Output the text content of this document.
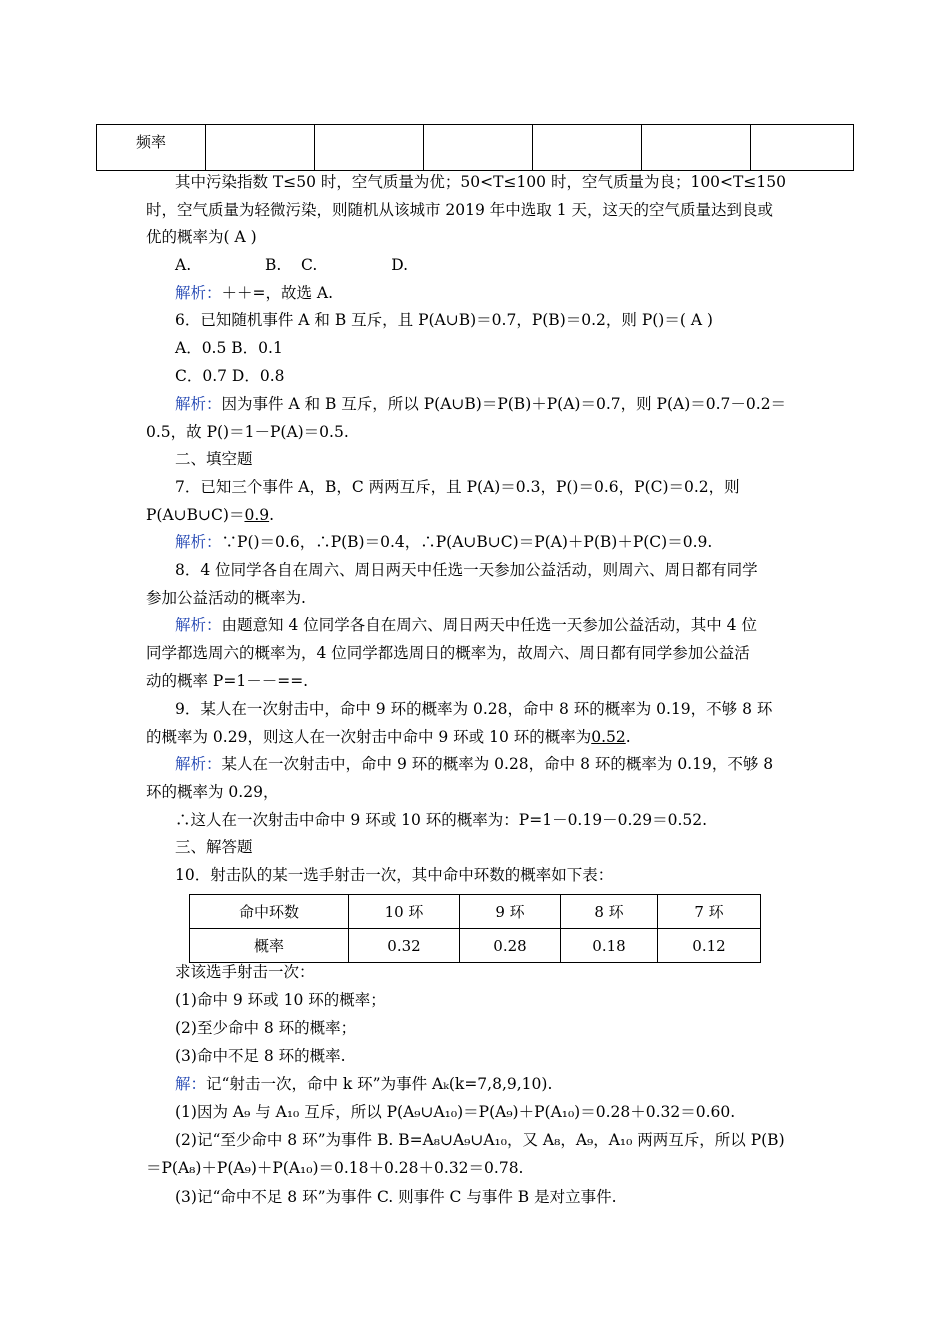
频率						
其中污染指数 T≤50 时，空气质量为优；50<T≤100 时，空气质量为良；100<T≤150
时，空气质量为轻微污染，则随机从该城市 2019 年中选取 1 天，这天的空气质量达到良或
优的概率为( A )
A.               B.    C.               D.
解析：＋＋=，故选 A.
6．已知随机事件 A 和 B 互斥，且 P(A∪B)＝0.7，P(B)＝0.2，则 P()＝( A )
A．0.5 B．0.1
C．0.7 D．0.8
解析：因为事件 A 和 B 互斥，所以 P(A∪B)＝P(B)＋P(A)＝0.7，则 P(A)＝0.7－0.2＝
0.5，故 P()＝1－P(A)＝0.5.
二、填空题
7．已知三个事件 A，B，C 两两互斥，且 P(A)＝0.3，P()＝0.6，P(C)＝0.2，则
P(A∪B∪C)＝0.9.
解析：∵P()＝0.6，∴P(B)＝0.4，∴P(A∪B∪C)＝P(A)＋P(B)＋P(C)＝0.9.
8．4 位同学各自在周六、周日两天中任选一天参加公益活动，则周六、周日都有同学
参加公益活动的概率为.
解析：由题意知 4 位同学各自在周六、周日两天中任选一天参加公益活动，其中 4 位
同学都选周六的概率为，4 位同学都选周日的概率为，故周六、周日都有同学参加公益活
动的概率 P=1－－==.
9．某人在一次射击中，命中 9 环的概率为 0.28，命中 8 环的概率为 0.19，不够 8 环
的概率为 0.29，则这人在一次射击中命中 9 环或 10 环的概率为0.52.
解析：某人在一次射击中，命中 9 环的概率为 0.28，命中 8 环的概率为 0.19，不够 8
环的概率为 0.29，
∴这人在一次射击中命中 9 环或 10 环的概率为：P=1－0.19－0.29＝0.52.
三、解答题
10．射击队的某一选手射击一次，其中命中环数的概率如下表：
命中环数	10 环	9 环	8 环	7 环
概率	0.32	0.28	0.18	0.12
求该选手射击一次：
(1)命中 9 环或 10 环的概率；
(2)至少命中 8 环的概率；
(3)命中不足 8 环的概率.
解：记“射击一次，命中 k 环”为事件 Aₖ(k=7,8,9,10).
(1)因为 A₉ 与 A₁₀ 互斥，所以 P(A₉∪A₁₀)＝P(A₉)＋P(A₁₀)＝0.28＋0.32＝0.60.
(2)记“至少命中 8 环”为事件 B. B=A₈∪A₉∪A₁₀，又 A₈，A₉，A₁₀ 两两互斥，所以 P(B)
＝P(A₈)＋P(A₉)＋P(A₁₀)＝0.18＋0.28＋0.32＝0.78.
(3)记“命中不足 8 环”为事件 C. 则事件 C 与事件 B 是对立事件.
